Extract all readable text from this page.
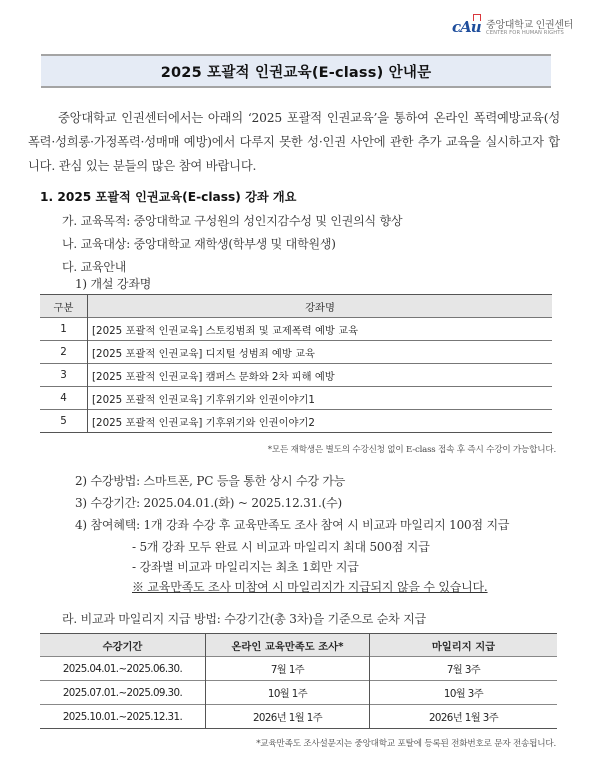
cAu 중앙대학교 인권센터
CENTER FOR HUMAN RIGHTS
2025 포괄적 인권교육(E-class) 안내문

중앙대학교 인권센터에서는 아래의 ‘2025 포괄적 인권교육’을 통하여 온라인 폭력예방교육(성폭력·성희롱·가정폭력·성매매 예방)에서 다루지 못한 성·인권 사안에 관한 추가 교육을 실시하고자 합니다. 관심 있는 분들의 많은 참여 바랍니다.

1. 2025 포괄적 인권교육(E-class) 강좌 개요
가. 교육목적: 중앙대학교 구성원의 성인지감수성 및 인권의식 향상
나. 교육대상: 중앙대학교 재학생(학부생 및 대학원생)
다. 교육안내
1) 개설 강좌명
구분	강좌명
1	[2025 포괄적 인권교육] 스토킹범죄 및 교제폭력 예방 교육
2	[2025 포괄적 인권교육] 디지털 성범죄 예방 교육
3	[2025 포괄적 인권교육] 캠퍼스 문화와 2차 피해 예방
4	[2025 포괄적 인권교육] 기후위기와 인권이야기1
5	[2025 포괄적 인권교육] 기후위기와 인권이야기2
*모든 재학생은 별도의 수강신청 없이 E-class 접속 후 즉시 수강이 가능합니다.
2) 수강방법: 스마트폰, PC 등을 통한 상시 수강 가능
3) 수강기간: 2025.04.01.(화) ~ 2025.12.31.(수)
4) 참여혜택: 1개 강좌 수강 후 교육만족도 조사 참여 시 비교과 마일리지 100점 지급
- 5개 강좌 모두 완료 시 비교과 마일리지 최대 500점 지급
- 강좌별 비교과 마일리지는 최초 1회만 지급
※ 교육만족도 조사 미참여 시 마일리지가 지급되지 않을 수 있습니다.
라. 비교과 마일리지 지급 방법: 수강기간(총 3차)을 기준으로 순차 지급
수강기간	온라인 교육만족도 조사*	마일리지 지급
2025.04.01.~2025.06.30.	7월 1주	7월 3주
2025.07.01.~2025.09.30.	10월 1주	10월 3주
2025.10.01.~2025.12.31.	2026년 1월 1주	2026년 1월 3주
*교육만족도 조사설문지는 중앙대학교 포탈에 등록된 전화번호로 문자 전송됩니다.
